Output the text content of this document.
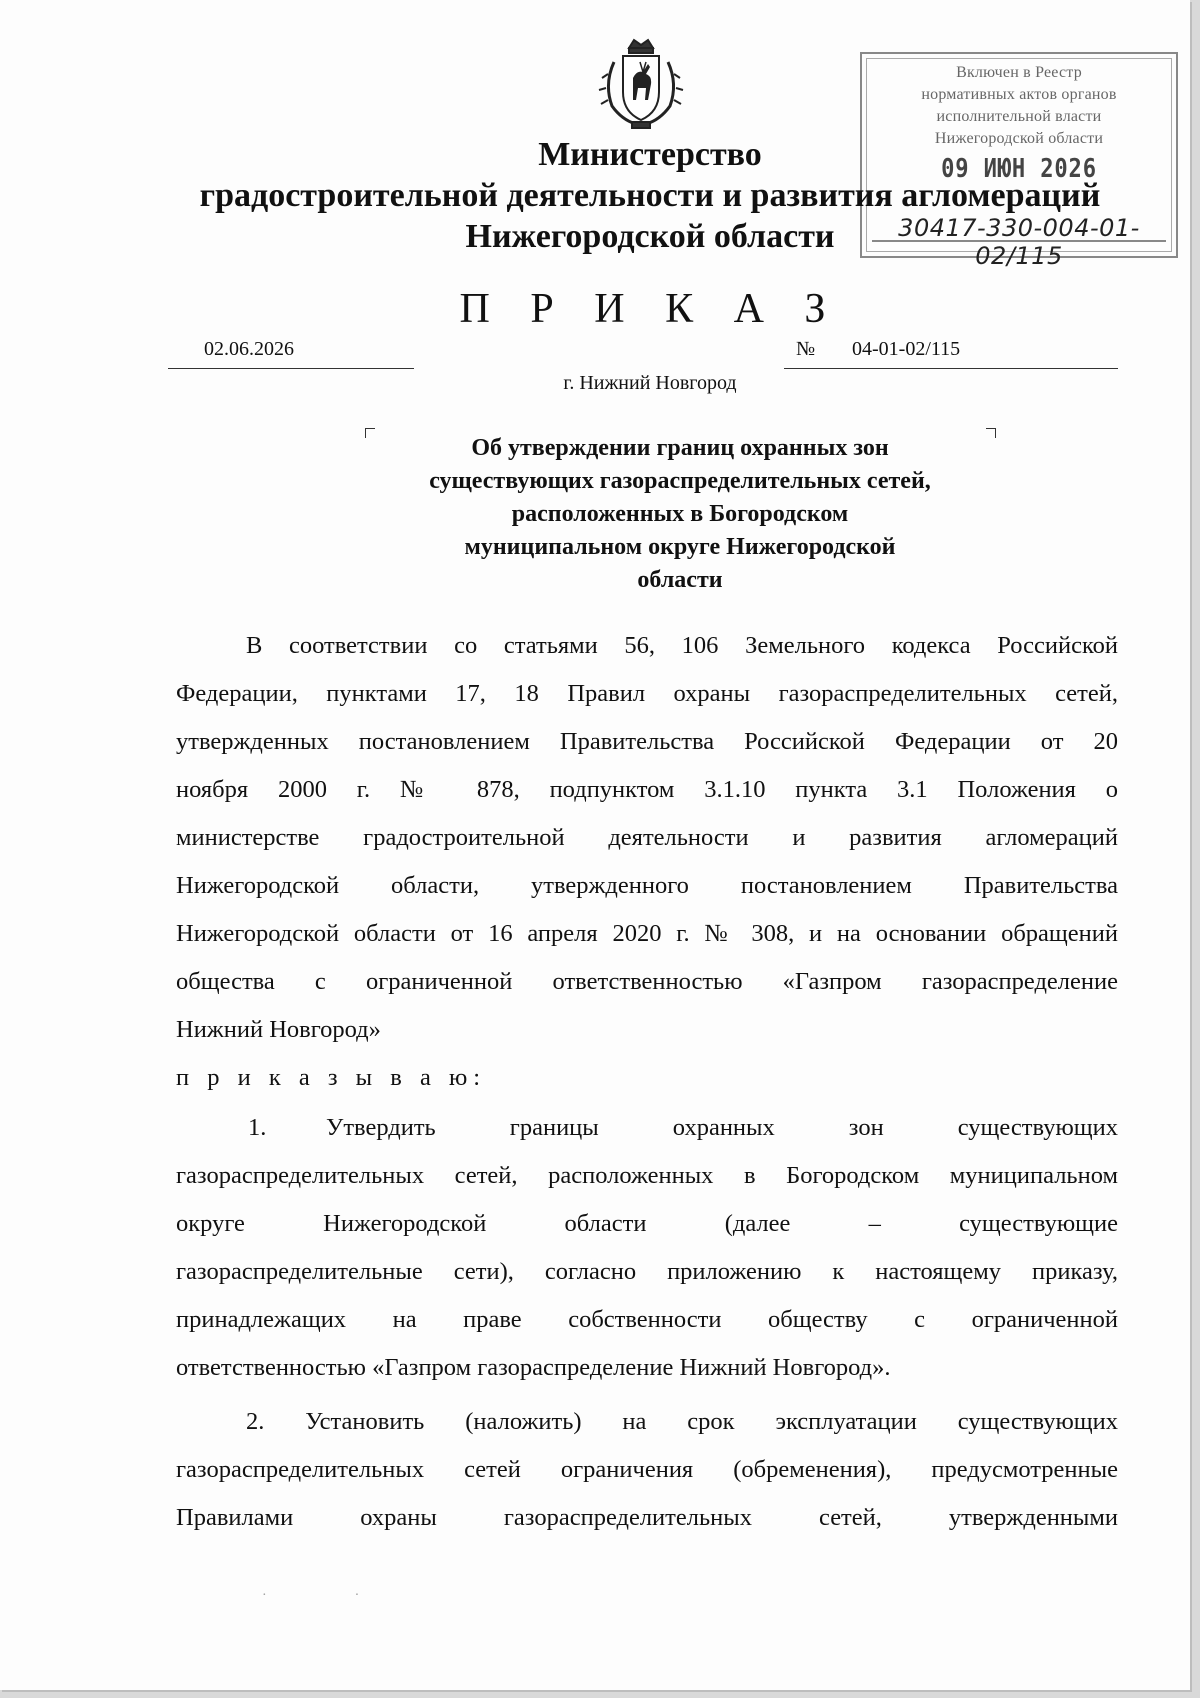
Включен в Реестр
нормативных актов органов
исполнительной власти
Нижегородской области
09 ИЮН 2026
30417-330-004-01-02/115
Министерство
градостроительной деятельности и развития агломераций
Нижегородской области
П Р И К А З
02.06.2026	№ 04-01-02/115
г. Нижний Новгород
Об утверждении границ охранных зон
существующих газораспределительных сетей,
расположенных в Богородском
муниципальном округе Нижегородской
области
В соответствии со статьями 56, 106 Земельного кодекса Российской
Федерации, пунктами 17, 18 Правил охраны газораспределительных сетей,
утвержденных постановлением Правительства Российской Федерации от 20
ноября 2000 г. № 878, подпунктом 3.1.10 пункта 3.1 Положения о
министерстве градостроительной деятельности и развития агломераций
Нижегородской области, утвержденного постановлением Правительства
Нижегородской области от 16 апреля 2020 г. № 308, и на основании обращений
общества с ограниченной ответственностью «Газпром газораспределение
Нижний Новгород»
п р и к а з ы в а ю:
1. Утвердить границы охранных зон существующих
газораспределительных сетей, расположенных в Богородском муниципальном
округе Нижегородской области (далее – существующие
газораспределительные сети), согласно приложению к настоящему приказу,
принадлежащих на праве собственности обществу с ограниченной
ответственностью «Газпром газораспределение Нижний Новгород».
2. Установить (наложить) на срок эксплуатации существующих
газораспределительных сетей ограничения (обременения), предусмотренные
Правилами охраны газораспределительных сетей, утвержденными
··
